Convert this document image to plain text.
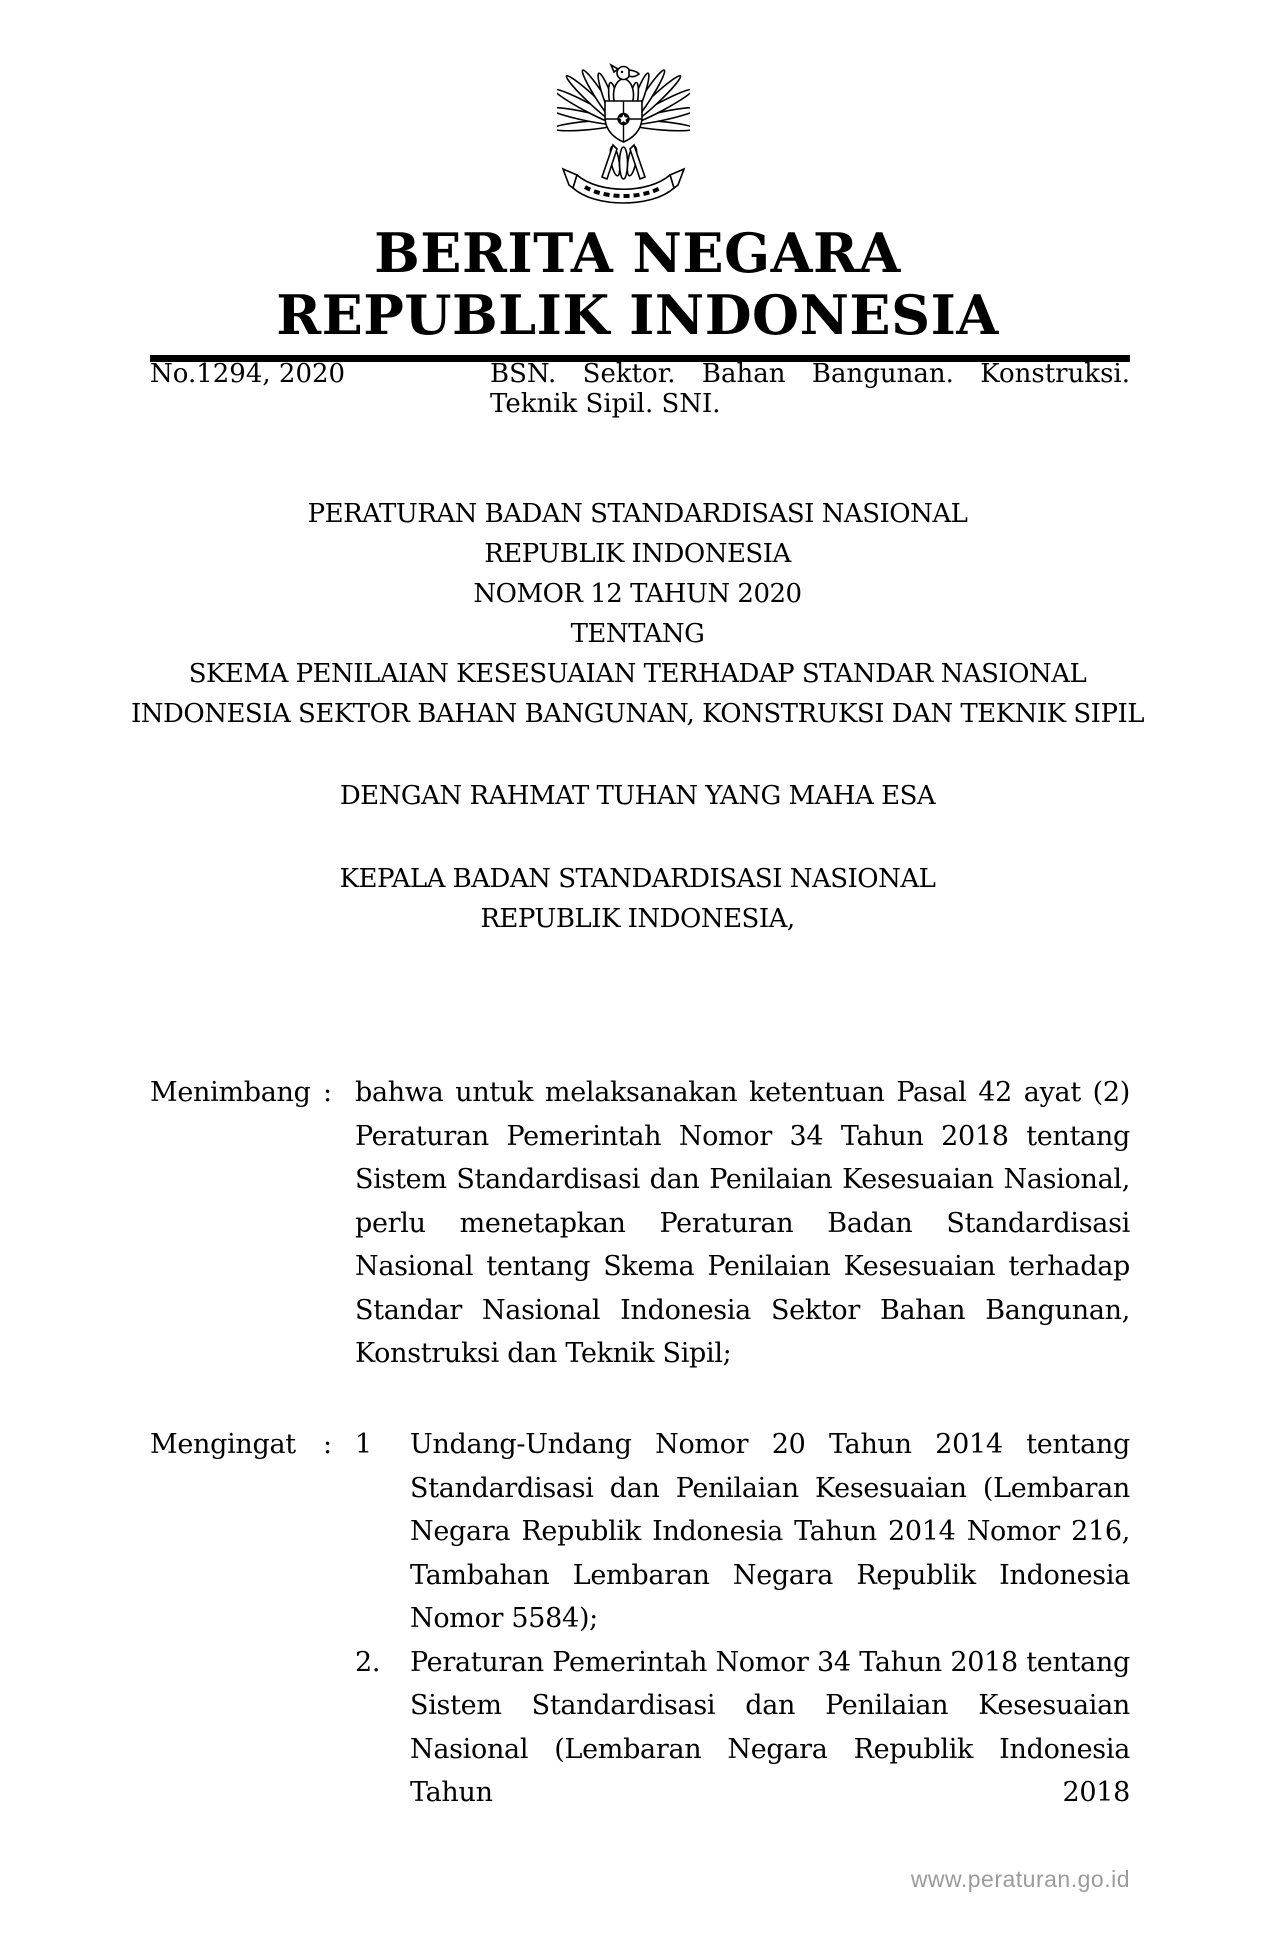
BERITA NEGARA
REPUBLIK INDONESIA
No.1294, 2020	BSN. Sektor. Bahan Bangunan. Konstruksi.
Teknik Sipil. SNI.
PERATURAN BADAN STANDARDISASI NASIONAL
REPUBLIK INDONESIA
NOMOR 12 TAHUN 2020
TENTANG
SKEMA PENILAIAN KESESUAIAN TERHADAP STANDAR NASIONAL
INDONESIA SEKTOR BAHAN BANGUNAN, KONSTRUKSI DAN TEKNIK SIPIL
DENGAN RAHMAT TUHAN YANG MAHA ESA
KEPALA BADAN STANDARDISASI NASIONAL
REPUBLIK INDONESIA,
Menimbang : bahwa untuk melaksanakan ketentuan Pasal 42 ayat (2) Peraturan Pemerintah Nomor 34 Tahun 2018 tentang Sistem Standardisasi dan Penilaian Kesesuaian Nasional, perlu menetapkan Peraturan Badan Standardisasi Nasional tentang Skema Penilaian Kesesuaian terhadap Standar Nasional Indonesia Sektor Bahan Bangunan, Konstruksi dan Teknik Sipil;
Mengingat	: 1	Undang-Undang Nomor 20 Tahun 2014 tentang Standardisasi dan Penilaian Kesesuaian (Lembaran Negara Republik Indonesia Tahun 2014 Nomor 216, Tambahan Lembaran Negara Republik Indonesia Nomor 5584);
2.	Peraturan Pemerintah Nomor 34 Tahun 2018 tentang Sistem Standardisasi dan Penilaian Kesesuaian Nasional (Lembaran Negara Republik Indonesia Tahun 2018
www.peraturan.go.id
